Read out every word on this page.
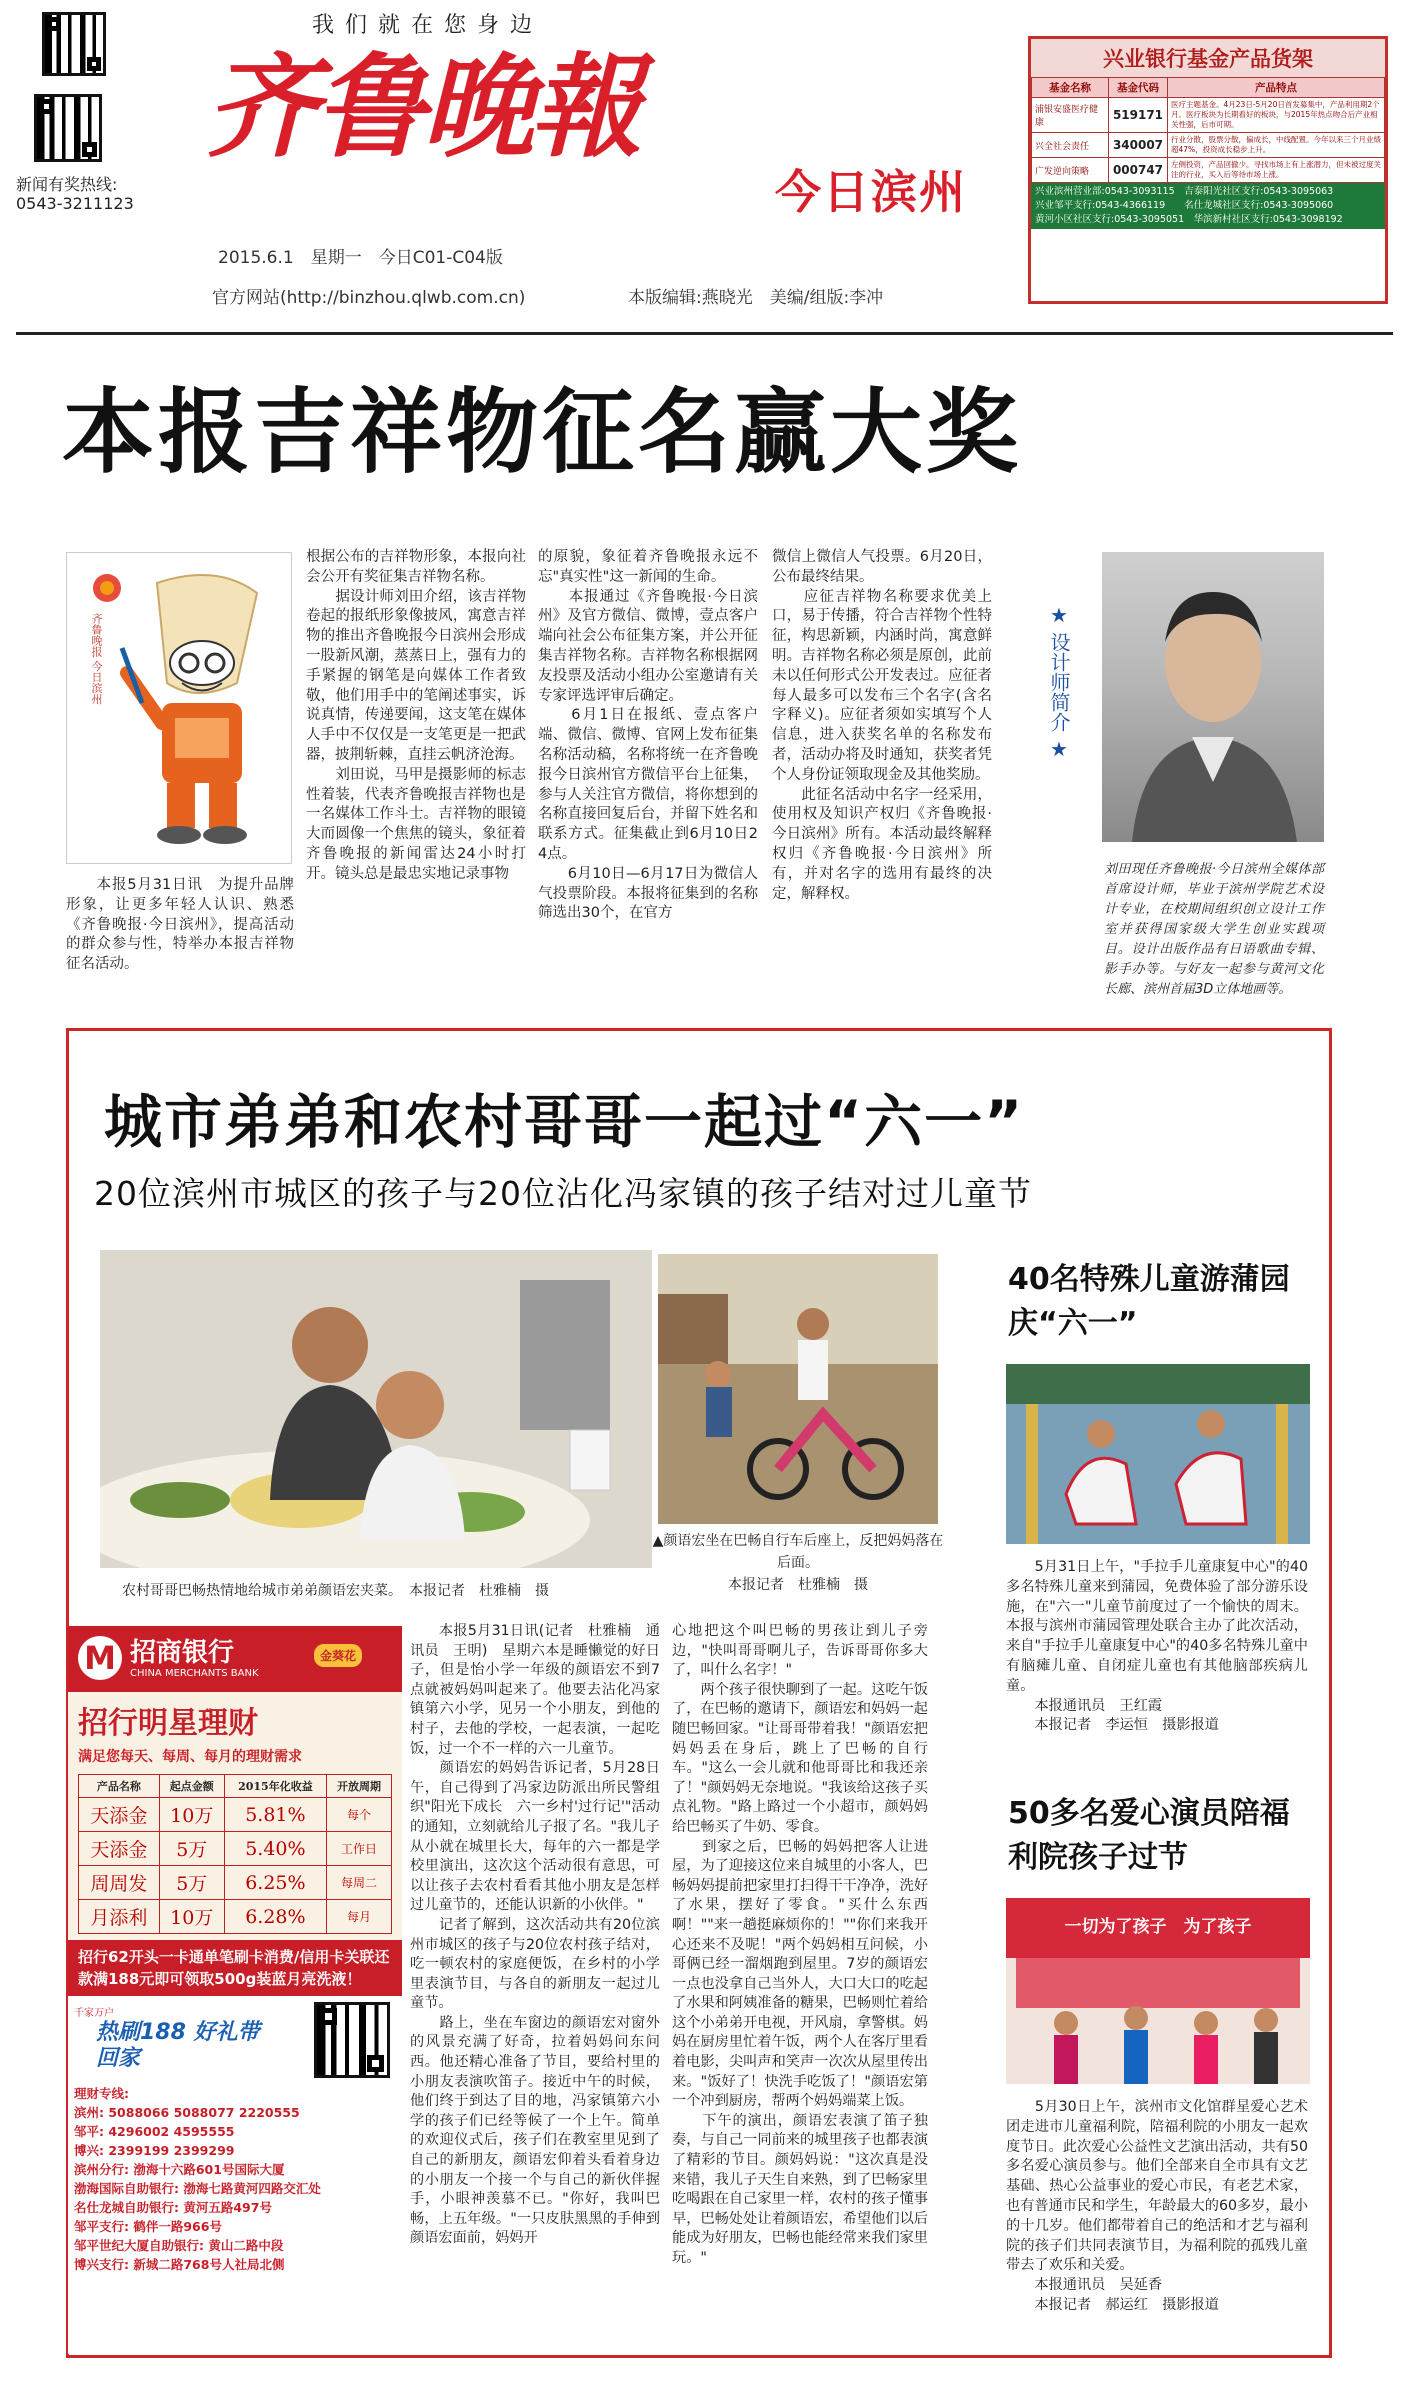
新闻有奖热线:
0543-3211123
我 们 就 在 您 身 边
齐鲁晚報
今日滨州
2015.6.1　星期一　今日C01-C04版
官方网站(http://binzhou.qlwb.com.cn)	本版编辑:燕晓光　美编/组版:李冲
兴业银行基金产品货架
基金名称	基金代码	产品特点
浦银安盛医疗健康	519171	医疗主题基金。4月23日-5月20日首发募集中，产品利用期2个月。医疗板块为长期看好的板块，与2015年热点吻合后产业相关性强，后市可期。
兴全社会责任	340007	行业分散，股票分散，偏成长，中线配置。今年以来三个月业绩超47%，投资成长稳步上升。
广发逆向策略	000747	左侧投资，产品回撤少。寻找市场上有上涨潜力，但未被过度关注的行业，买入后等待市场上涨。
兴业滨州营业部:0543-3093115　吉泰阳光社区支行:0543-3095063
兴业邹平支行:0543-4366119　　名仕龙城社区支行:0543-3095060
黄河小区社区支行:0543-3095051　华滨新村社区支行:0543-3098192
本报吉祥物征名赢大奖
齐鲁晚报 今日滨州
　　本报5月31日讯　为提升品牌形象，让更多年轻人认识、熟悉《齐鲁晚报·今日滨州》，提高活动的群众参与性，特举办本报吉祥物征名活动。
根据公布的吉祥物形象，本报向社会公开有奖征集吉祥物名称。
　　据设计师刘田介绍，该吉祥物卷起的报纸形象像披风，寓意吉祥物的推出齐鲁晚报今日滨州会形成一股新风潮，蒸蒸日上，强有力的手紧握的钢笔是向媒体工作者致敬，他们用手中的笔阐述事实，诉说真情，传递要闻，这支笔在媒体人手中不仅仅是一支笔更是一把武器，披荆斩棘，直挂云帆济沧海。
　　刘田说，马甲是摄影师的标志性着装，代表齐鲁晚报吉祥物也是一名媒体工作斗士。吉祥物的眼镜大而圆像一个焦焦的镜头，象征着齐鲁晚报的新闻雷达24小时打开。镜头总是最忠实地记录事物
的原貌，象征着齐鲁晚报永远不忘"真实性"这一新闻的生命。
　　本报通过《齐鲁晚报·今日滨州》及官方微信、微博，壹点客户端向社会公布征集方案，并公开征集吉祥物名称。吉祥物名称根据网友投票及活动小组办公室邀请有关专家评选评审后确定。
　　6月1日在报纸、壹点客户端、微信、微博、官网上发布征集名称活动稿，名称将统一在齐鲁晚报今日滨州官方微信平台上征集，参与人关注官方微信，将你想到的名称直接回复后台，并留下姓名和联系方式。征集截止到6月10日24点。
　　6月10日—6月17日为微信人气投票阶段。本报将征集到的名称筛选出30个，在官方
微信上微信人气投票。6月20日，公布最终结果。
　　应征吉祥物名称要求优美上口，易于传播，符合吉祥物个性特征，构思新颖，内涵时尚，寓意鲜明。吉祥物名称必须是原创，此前未以任何形式公开发表过。应征者每人最多可以发布三个名字(含名字释义)。应征者须如实填写个人信息，进入获奖名单的名称发布者，活动办将及时通知，获奖者凭个人身份证领取现金及其他奖励。
　　此征名活动中名字一经采用，使用权及知识产权归《齐鲁晚报·今日滨州》所有。本活动最终解释权归《齐鲁晚报·今日滨州》所有，并对名字的选用有最终的决定，解释权。
★
设计师简介
★
刘田现任齐鲁晚报·今日滨州全媒体部首席设计师，毕业于滨州学院艺术设计专业，在校期间组织创立设计工作室并获得国家级大学生创业实践项目。设计出版作品有日语歌曲专辑、影手办等。与好友一起参与黄河文化长廊、滨州首届3D立体地画等。
城市弟弟和农村哥哥一起过“六一”
20位滨州市城区的孩子与20位沾化冯家镇的孩子结对过儿童节
农村哥哥巴畅热情地给城市弟弟颜语宏夹菜。　本报记者　杜雅楠　摄
▲颜语宏坐在巴畅自行车后座上，反把妈妈落在后面。
本报记者　杜雅楠　摄
M 招商银行
CHINA MERCHANTS BANK
金葵花
招行明星理财
满足您每天、每周、每月的理财需求
产品名称	起点金额	2015年化收益	开放周期
天添金	10万	5.81%	每个
天添金	5万	5.40%	工作日
周周发	5万	6.25%	每周二
月添利	10万	6.28%	每月
招行62开头一卡通单笔刷卡消费/信用卡关联还款满188元即可领取500g装蓝月亮洗液！
千家万户
热刷188 好礼带回家
理财专线:
滨州: 5088066 5088077 2220555
邹平: 4296002 4595555
博兴: 2399199 2399299
滨州分行: 渤海十六路601号国际大厦
渤海国际自助银行: 渤海七路黄河四路交汇处
名仕龙城自助银行: 黄河五路497号
邹平支行: 鹤伴一路966号
邹平世纪大厦自助银行: 黄山二路中段
博兴支行: 新城二路768号人社局北侧
　　本报5月31日讯(记者　杜雅楠　通讯员　王明)　星期六本是睡懒觉的好日子，但是怡小学一年级的颜语宏不到7点就被妈妈叫起来了。他要去沾化冯家镇第六小学，见另一个小朋友，到他的村子，去他的学校，一起表演，一起吃饭，过一个不一样的六一儿童节。
　　颜语宏的妈妈告诉记者，5月28日午，自己得到了冯家边防派出所民警组织"阳光下成长　六一乡村'过行记'"活动的通知，立刻就给儿子报了名。"我儿子从小就在城里长大，每年的六一都是学校里演出，这次这个活动很有意思，可以让孩子去农村看看其他小朋友是怎样过儿童节的，还能认识新的小伙伴。"
　　记者了解到，这次活动共有20位滨州市城区的孩子与20位农村孩子结对，吃一顿农村的家庭便饭，在乡村的小学里表演节目，与各自的新朋友一起过儿童节。
　　路上，坐在车窗边的颜语宏对窗外的风景充满了好奇，拉着妈妈问东问西。他还精心准备了节目，要给村里的小朋友表演吹笛子。接近中午的时候，他们终于到达了目的地，冯家镇第六小学的孩子们已经等候了一个上午。简单的欢迎仪式后，孩子们在教室里见到了自己的新朋友，颜语宏仰着头看着身边的小朋友一个接一个与自己的新伙伴握手，小眼神羡慕不已。"你好，我叫巴畅，上五年级。"一只皮肤黑黑的手伸到颜语宏面前，妈妈开
心地把这个叫巴畅的男孩让到儿子旁边，"快叫哥哥啊儿子，告诉哥哥你多大了，叫什么名字！"
　　两个孩子很快聊到了一起。这吃午饭了，在巴畅的邀请下，颜语宏和妈妈一起随巴畅回家。"让哥哥带着我！"颜语宏把妈妈丢在身后，跳上了巴畅的自行车。"这么一会儿就和他哥哥比和我还亲了！"颜妈妈无奈地说。"我该给这孩子买点礼物。"路上路过一个小超市，颜妈妈给巴畅买了牛奶、零食。
　　到家之后，巴畅的妈妈把客人让进屋，为了迎接这位来自城里的小客人，巴畅妈妈提前把家里打扫得干干净净，洗好了水果，摆好了零食。"买什么东西啊！""来一趟挺麻烦你的！""你们来我开心还来不及呢！"两个妈妈相互问候，小哥俩已经一溜烟跑到屋里。7岁的颜语宏一点也没拿自己当外人，大口大口的吃起了水果和阿姨准备的糖果，巴畅则忙着给这个小弟弟开电视，开风扇，拿警棋。妈妈在厨房里忙着午饭，两个人在客厅里看着电影，尖叫声和笑声一次次从屋里传出来。"饭好了！快洗手吃饭了！"颜语宏第一个冲到厨房，帮两个妈妈端菜上饭。
　　下午的演出，颜语宏表演了笛子独奏，与自己一同前来的城里孩子也都表演了精彩的节目。颜妈妈说："这次真是没来错，我儿子天生自来熟，到了巴畅家里吃喝跟在自己家里一样，农村的孩子懂事早，巴畅处处让着颜语宏，希望他们以后能成为好朋友，巴畅也能经常来我们家里玩。"
40名特殊儿童游蒲园庆“六一”
　　5月31日上午，"手拉手儿童康复中心"的40多名特殊儿童来到蒲园，免费体验了部分游乐设施，在"六一"儿童节前度过了一个愉快的周末。本报与滨州市蒲园管理处联合主办了此次活动，来自"手拉手儿童康复中心"的40多名特殊儿童中有脑瘫儿童、自闭症儿童也有其他脑部疾病儿童。
　　本报通讯员　王红霞
　　本报记者　李运恒　摄影报道
50多名爱心演员陪福利院孩子过节
一切为了孩子　为了孩子
　　5月30日上午，滨州市文化馆群星爱心艺术团走进市儿童福利院，陪福利院的小朋友一起欢度节日。此次爱心公益性文艺演出活动，共有50多名爱心演员参与。他们全部来自全市具有文艺基础、热心公益事业的爱心市民，有老艺术家，也有普通市民和学生，年龄最大的60多岁，最小的十几岁。他们都带着自己的绝活和才艺与福利院的孩子们共同表演节目，为福利院的孤残儿童带去了欢乐和关爱。
　　本报通讯员　吴延香
　　本报记者　郝运红　摄影报道
